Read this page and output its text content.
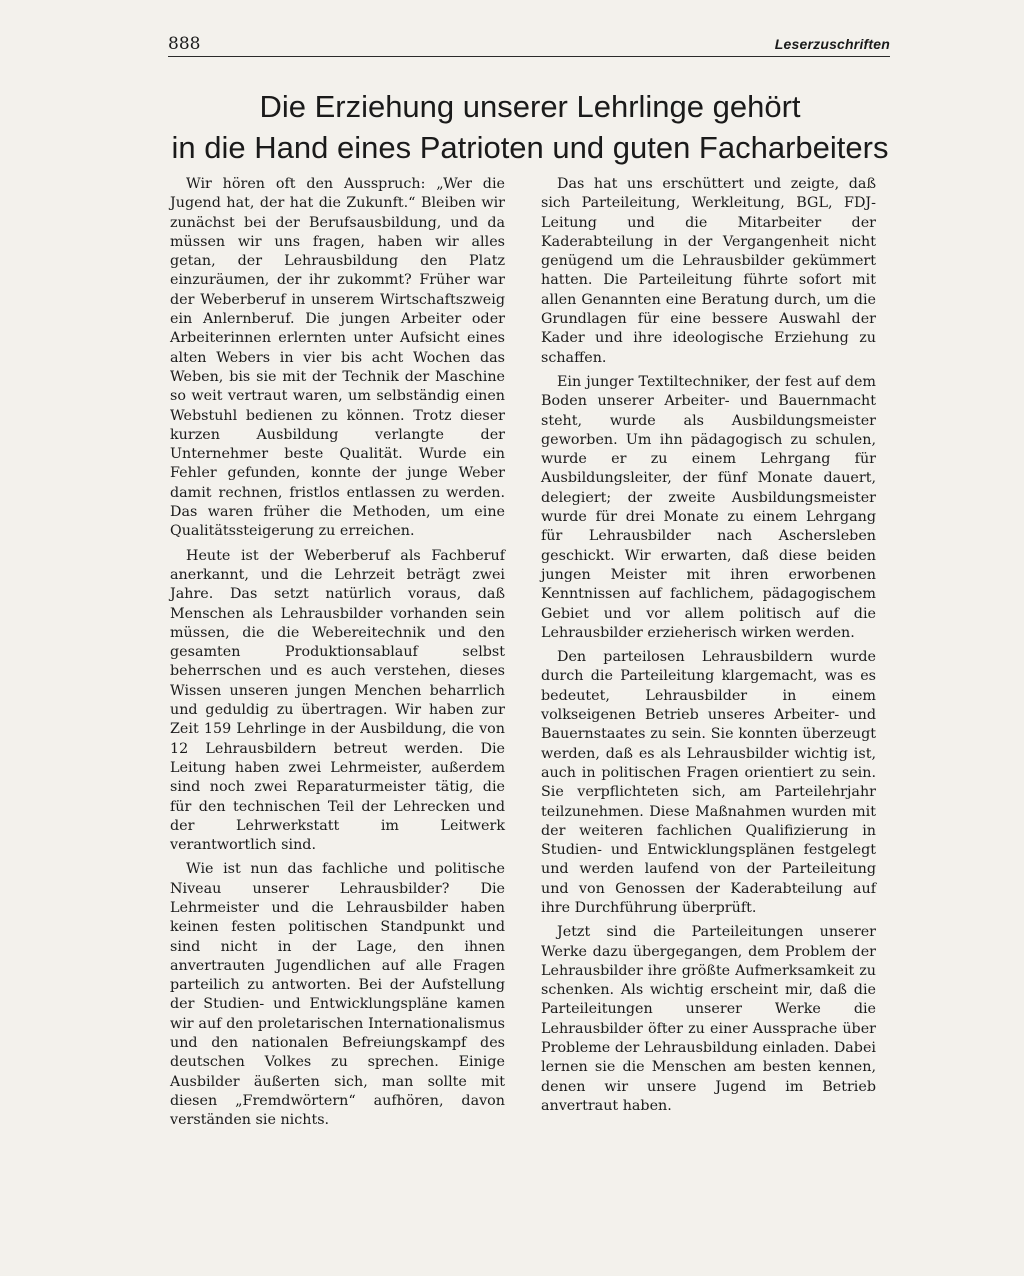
888	Leserzuschriften
Die Erziehung unserer Lehrlinge gehört
in die Hand eines Patrioten und guten Facharbeiters

Wir hören oft den Ausspruch: „Wer die Jugend hat, der hat die Zukunft.“ Bleiben wir zunächst bei der Berufsausbildung, und da müssen wir uns fragen, haben wir alles getan, der Lehrausbildung den Platz einzuräumen, der ihr zukommt? Früher war der Weberberuf in unserem Wirtschaftszweig ein Anlernberuf. Die jungen Arbeiter oder Arbeiterinnen erlernten unter Aufsicht eines alten Webers in vier bis acht Wochen das Weben, bis sie mit der Technik der Maschine so weit vertraut waren, um selbständig einen Webstuhl bedienen zu können. Trotz dieser kurzen Ausbildung verlangte der Unternehmer beste Qualität. Wurde ein Fehler gefunden, konnte der junge Weber damit rechnen, fristlos entlassen zu werden. Das waren früher die Methoden, um eine Qualitätssteigerung zu erreichen.

Heute ist der Weberberuf als Fachberuf anerkannt, und die Lehrzeit beträgt zwei Jahre. Das setzt natürlich voraus, daß Menschen als Lehrausbilder vorhanden sein müssen, die die Webereitechnik und den gesamten Produktionsablauf selbst beherrschen und es auch verstehen, dieses Wissen unseren jungen Menchen beharrlich und geduldig zu übertragen. Wir haben zur Zeit 159 Lehrlinge in der Ausbildung, die von 12 Lehrausbildern betreut werden. Die Leitung haben zwei Lehrmeister, außerdem sind noch zwei Reparaturmeister tätig, die für den technischen Teil der Lehrecken und der Lehrwerkstatt im Leitwerk verantwortlich sind.

Wie ist nun das fachliche und politische Niveau unserer Lehrausbilder? Die Lehrmeister und die Lehrausbilder haben keinen festen politischen Standpunkt und sind nicht in der Lage, den ihnen anvertrauten Jugendlichen auf alle Fragen parteilich zu antworten. Bei der Aufstellung der Studien- und Entwicklungspläne kamen wir auf den proletarischen Internationalismus und den nationalen Befreiungskampf des deutschen Volkes zu sprechen. Einige Ausbilder äußerten sich, man sollte mit diesen „Fremdwörtern“ aufhören, davon verständen sie nichts.

Das hat uns erschüttert und zeigte, daß sich Parteileitung, Werkleitung, BGL, FDJ-Leitung und die Mitarbeiter der Kaderabteilung in der Vergangenheit nicht genügend um die Lehrausbilder gekümmert hatten. Die Parteileitung führte sofort mit allen Genannten eine Beratung durch, um die Grundlagen für eine bessere Auswahl der Kader und ihre ideologische Erziehung zu schaffen.

Ein junger Textiltechniker, der fest auf dem Boden unserer Arbeiter- und Bauernmacht steht, wurde als Ausbildungsmeister geworben. Um ihn pädagogisch zu schulen, wurde er zu einem Lehrgang für Ausbildungsleiter, der fünf Monate dauert, delegiert; der zweite Ausbildungsmeister wurde für drei Monate zu einem Lehrgang für Lehrausbilder nach Aschersleben geschickt. Wir erwarten, daß diese beiden jungen Meister mit ihren erworbenen Kenntnissen auf fachlichem, pädagogischem Gebiet und vor allem politisch auf die Lehrausbilder erzieherisch wirken werden.

Den parteilosen Lehrausbildern wurde durch die Parteileitung klargemacht, was es bedeutet, Lehrausbilder in einem volkseigenen Betrieb unseres Arbeiter- und Bauernstaates zu sein. Sie konnten überzeugt werden, daß es als Lehrausbilder wichtig ist, auch in politischen Fragen orientiert zu sein. Sie verpflichteten sich, am Parteilehrjahr teilzunehmen. Diese Maßnahmen wurden mit der weiteren fachlichen Qualifizierung in Studien- und Entwicklungsplänen festgelegt und werden laufend von der Parteileitung und von Genossen der Kaderabteilung auf ihre Durchführung überprüft.

Jetzt sind die Parteileitungen unserer Werke dazu übergegangen, dem Problem der Lehrausbilder ihre größte Aufmerksamkeit zu schenken. Als wichtig erscheint mir, daß die Parteileitungen unserer Werke die Lehrausbilder öfter zu einer Aussprache über Probleme der Lehrausbildung einladen. Dabei lernen sie die Menschen am besten kennen, denen wir unsere Jugend im Betrieb anvertraut haben.
